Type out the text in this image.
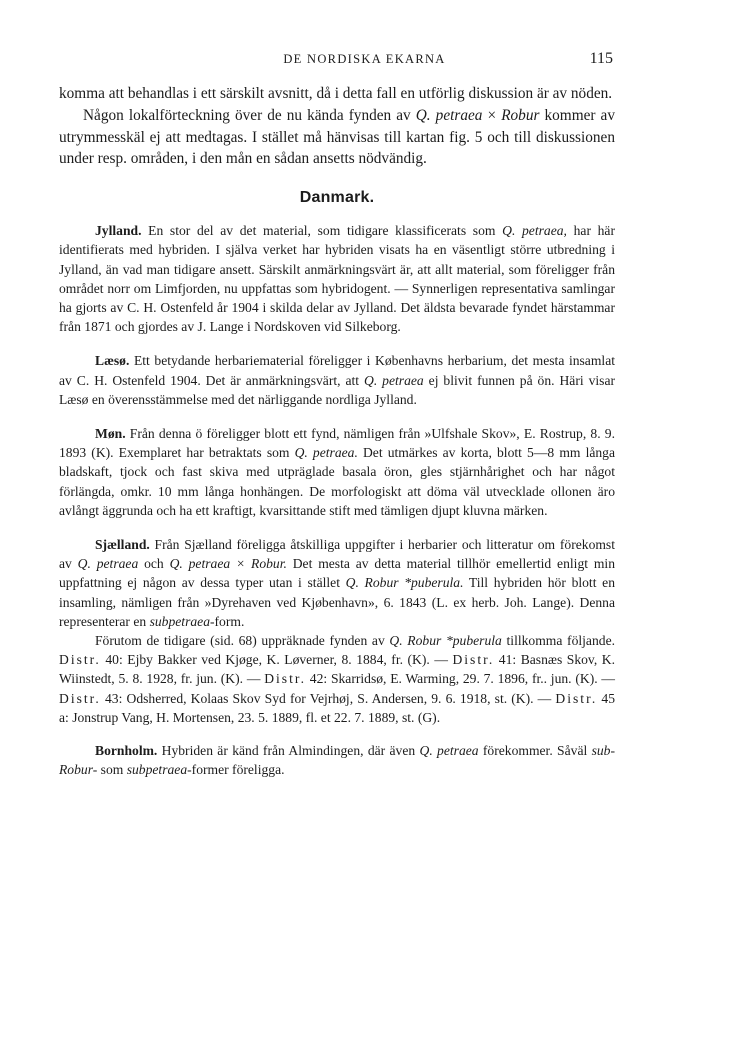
DE NORDISKA EKARNA	115

komma att behandlas i ett särskilt avsnitt, då i detta fall en utförlig diskussion är av nöden.

Någon lokalförteckning över de nu kända fynden av Q. petraea × Robur kommer av utrymmesskäl ej att medtagas. I stället må hänvisas till kartan fig. 5 och till diskussionen under resp. områden, i den mån en sådan ansetts nödvändig.

Danmark.

Jylland. En stor del av det material, som tidigare klassificerats som Q. petraea, har här identifierats med hybriden. I själva verket har hybriden visats ha en väsentligt större utbredning i Jylland, än vad man tidigare ansett. Särskilt anmärkningsvärt är, att allt material, som föreligger från området norr om Limfjorden, nu uppfattas som hybridogent. — Synnerligen representativa samlingar ha gjorts av C. H. Ostenfeld år 1904 i skilda delar av Jylland. Det äldsta bevarade fyndet härstammar från 1871 och gjordes av J. Lange i Nordskoven vid Silkeborg.

Læsø. Ett betydande herbariematerial föreligger i Københavns herbarium, det mesta insamlat av C. H. Ostenfeld 1904. Det är anmärkningsvärt, att Q. petraea ej blivit funnen på ön. Häri visar Læsø en överensstämmelse med det närliggande nordliga Jylland.

Møn. Från denna ö föreligger blott ett fynd, nämligen från »Ulfshale Skov», E. Rostrup, 8. 9. 1893 (K). Exemplaret har betraktats som Q. petraea. Det utmärkes av korta, blott 5—8 mm långa bladskaft, tjock och fast skiva med utpräglade basala öron, gles stjärnhårighet och har något förlängda, omkr. 10 mm långa honhängen. De morfologiskt att döma väl utvecklade ollonen äro avlångt äggrunda och ha ett kraftigt, kvarsittande stift med tämligen djupt kluvna märken.

Sjælland. Från Sjælland föreligga åtskilliga uppgifter i herbarier och litteratur om förekomst av Q. petraea och Q. petraea × Robur. Det mesta av detta material tillhör emellertid enligt min uppfattning ej någon av dessa typer utan i stället Q. Robur *puberula. Till hybriden hör blott en insamling, nämligen från »Dyrehaven ved Kjøbenhavn», 6. 1843 (L. ex herb. Joh. Lange). Denna representerar en subpetraea-form.

Förutom de tidigare (sid. 68) uppräknade fynden av Q. Robur *puberula tillkomma följande. Distr. 40: Ejby Bakker ved Kjøge, K. Løverner, 8. 1884, fr. (K). — Distr. 41: Basnæs Skov, K. Wiinstedt, 5. 8. 1928, fr. jun. (K). — Distr. 42: Skarridsø, E. Warming, 29. 7. 1896, fr.. jun. (K). — Distr. 43: Odsherred, Kolaas Skov Syd for Vejrhøj, S. Andersen, 9. 6. 1918, st. (K). — Distr. 45 a: Jonstrup Vang, H. Mortensen, 23. 5. 1889, fl. et 22. 7. 1889, st. (G).

Bornholm. Hybriden är känd från Almindingen, där även Q. petraea förekommer. Såväl sub-Robur- som subpetraea-former föreligga.
